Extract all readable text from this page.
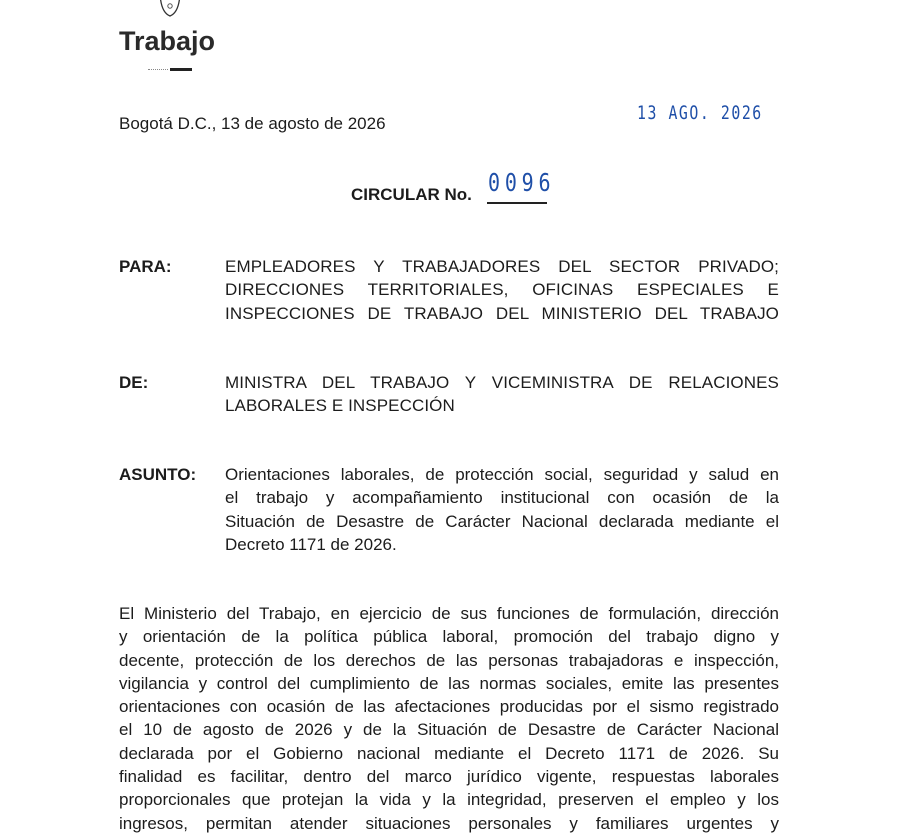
Trabajo
Bogotá D.C., 13 de agosto de 2026	13 AGO. 2026
CIRCULAR No. 0096
PARA:	EMPLEADORES Y TRABAJADORES DEL SECTOR PRIVADO;
DIRECCIONES TERRITORIALES, OFICINAS ESPECIALES E
INSPECCIONES DE TRABAJO DEL MINISTERIO DEL TRABAJO
DE:	MINISTRA DEL TRABAJO Y VICEMINISTRA DE RELACIONES
LABORALES E INSPECCIÓN
ASUNTO: Orientaciones laborales, de protección social, seguridad y salud en
el trabajo y acompañamiento institucional con ocasión de la
Situación de Desastre de Carácter Nacional declarada mediante el
Decreto 1171 de 2026.
El Ministerio del Trabajo, en ejercicio de sus funciones de formulación, dirección
y orientación de la política pública laboral, promoción del trabajo digno y
decente, protección de los derechos de las personas trabajadoras e inspección,
vigilancia y control del cumplimiento de las normas sociales, emite las presentes
orientaciones con ocasión de las afectaciones producidas por el sismo registrado
el 10 de agosto de 2026 y de la Situación de Desastre de Carácter Nacional
declarada por el Gobierno nacional mediante el Decreto 1171 de 2026. Su
finalidad es facilitar, dentro del marco jurídico vigente, respuestas laborales
proporcionales que protejan la vida y la integridad, preserven el empleo y los
ingresos, permitan atender situaciones personales y familiares urgentes y
